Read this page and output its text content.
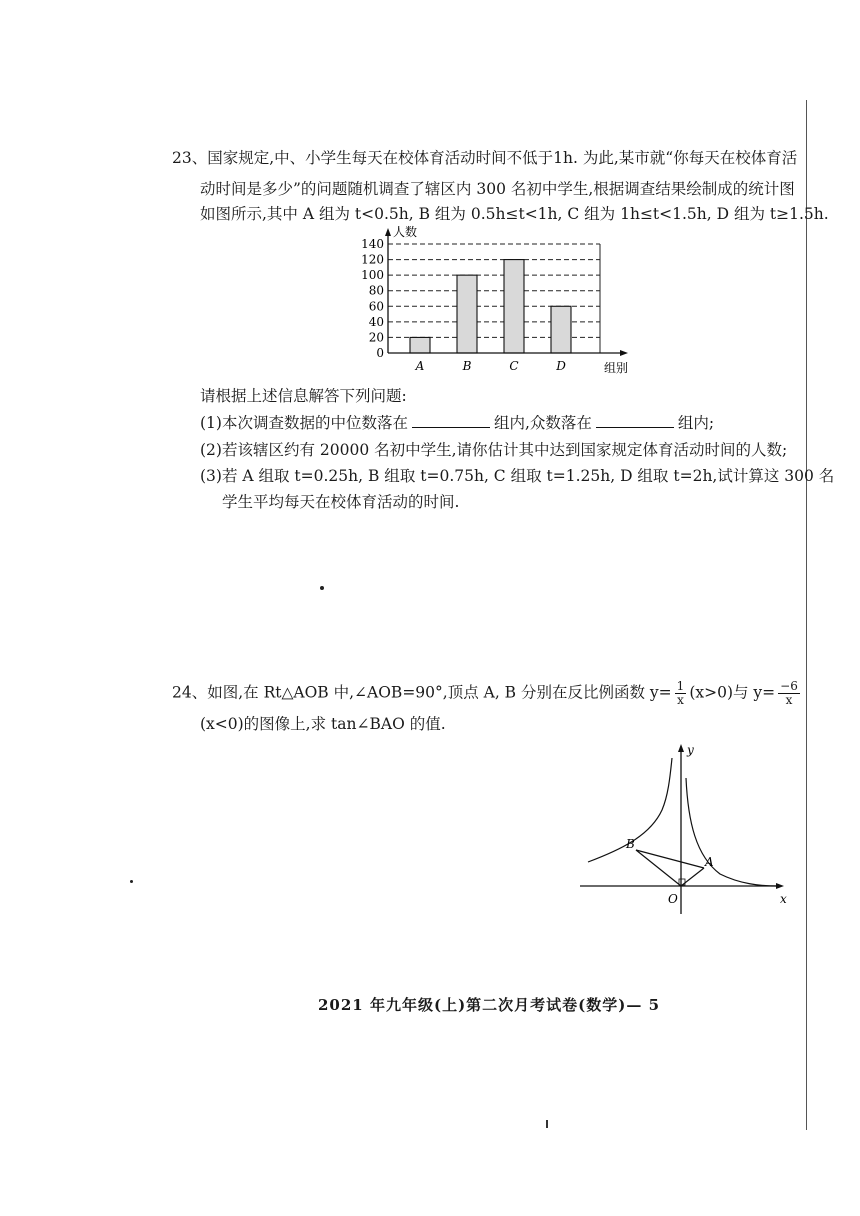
23、国家规定,中、小学生每天在校体育活动时间不低于1h. 为此,某市就“你每天在校体育活
动时间是多少”的问题随机调查了辖区内 300 名初中学生,根据调查结果绘制成的统计图
如图所示,其中 A 组为 t<0.5h, B 组为 0.5h≤t<1h, C 组为 1h≤t<1.5h, D 组为 t≥1.5h.
0
20
40
60
80
100
120
140
A	B	C	D
人数
组别
请根据上述信息解答下列问题:
(1)本次调查数据的中位数落在	组内,众数落在	组内;
(2)若该辖区约有 20000 名初中学生,请你估计其中达到国家规定体育活动时间的人数;
(3)若 A 组取 t=0.25h, B 组取 t=0.75h, C 组取 t=1.25h, D 组取 t=2h,试计算这 300 名
学生平均每天在校体育活动的时间.
24、如图,在 Rt△AOB 中,∠AOB=90°,顶点 A, B 分别在反比例函数 $y= \frac{1}{x} (x>0)$与 $y= \frac{-6}{x}$
(x<0)的图像上,求 tan∠BAO 的值.
y
x
O
A
B
2021 年九年级(上)第二次月考试卷(数学)— 5
